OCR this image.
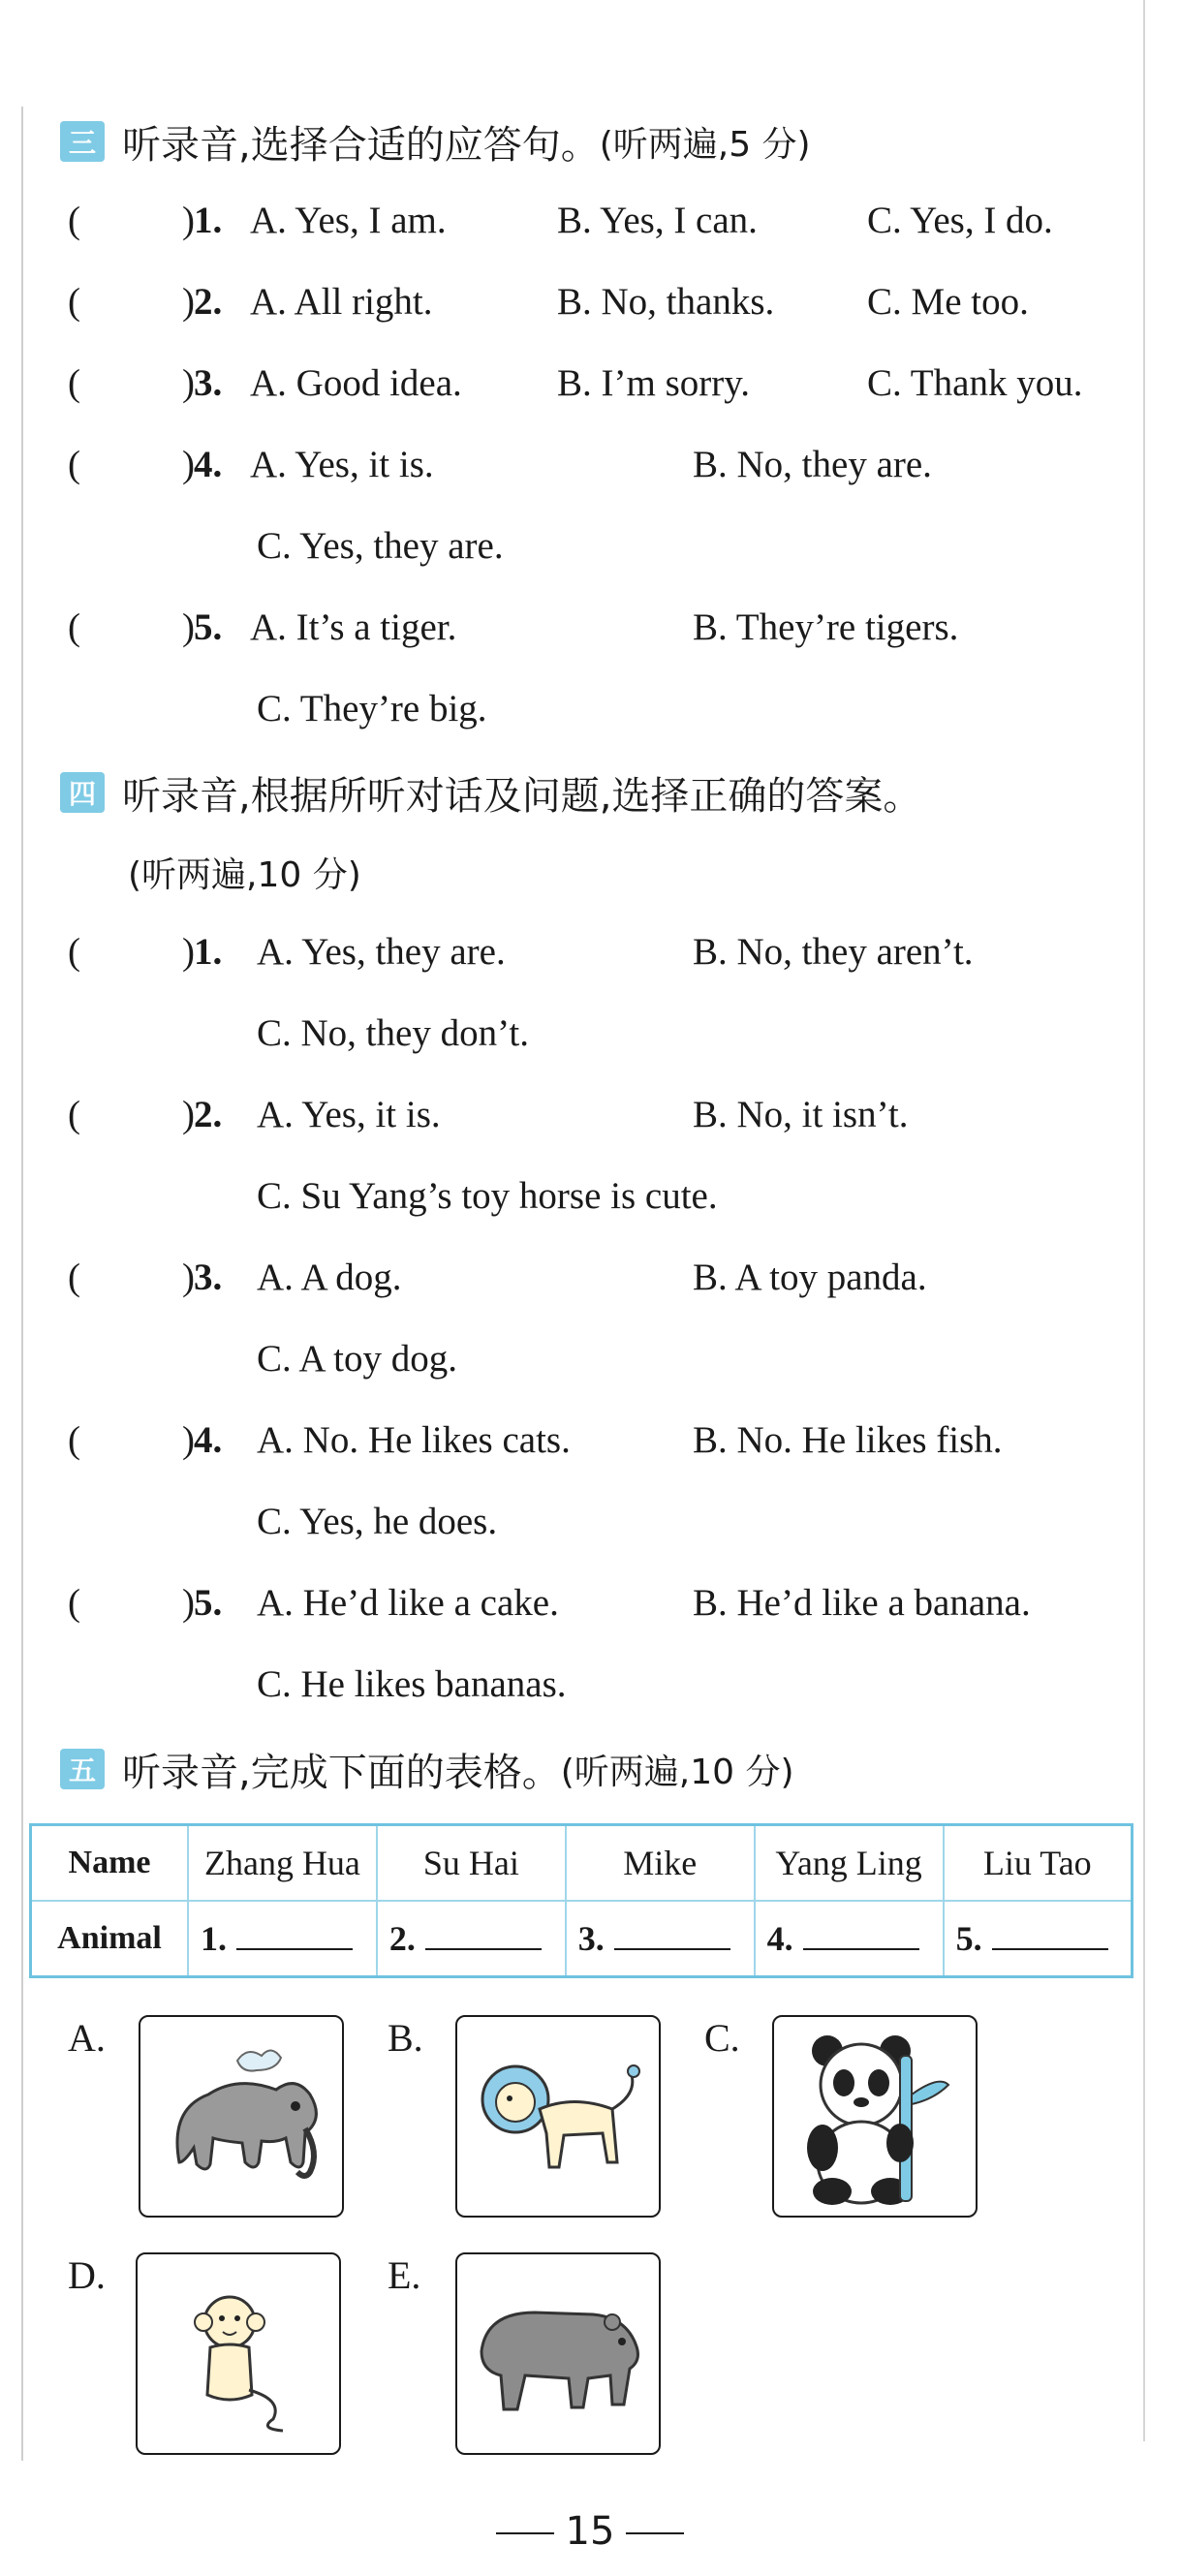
三 听录音,选择合适的应答句。 (听两遍,5 分)
(	) 1. A. Yes, I am.	B. Yes, I can.	C. Yes, I do.
(	) 2. A. All right.	B. No, thanks. C. Me too.
(	) 3. A. Good idea.	B. I’m sorry.	C. Thank you.
(	) 4. A. Yes, it is.	B. No, they are.
C. Yes, they are.
(	) 5. A. It’s a tiger.	B. They’re tigers.
C. They’re big.
四 听录音,根据所听对话及问题,选择正确的答案。
(听两遍,10 分)
(	) 1. A. Yes, they are.	B. No, they aren’t.
C. No, they don’t.
(	) 2. A. Yes, it is.	B. No, it isn’t.
C. Su Yang’s toy horse is cute.
(	) 3. A. A dog.	B. A toy panda.
C. A toy dog.
(	) 4. A. No. He likes cats.	B. No. He likes fish.
C. Yes, he does.
(	) 5. A. He’d like a cake.	B. He’d like a banana.
C. He likes bananas.
五 听录音,完成下面的表格。 (听两遍,10 分)
Name	Zhang Hua	Su Hai	Mike	Yang Ling	Liu Tao
Animal	1.	2.	3.	4.	5.
A.	B.	C.
D.	E.
15
